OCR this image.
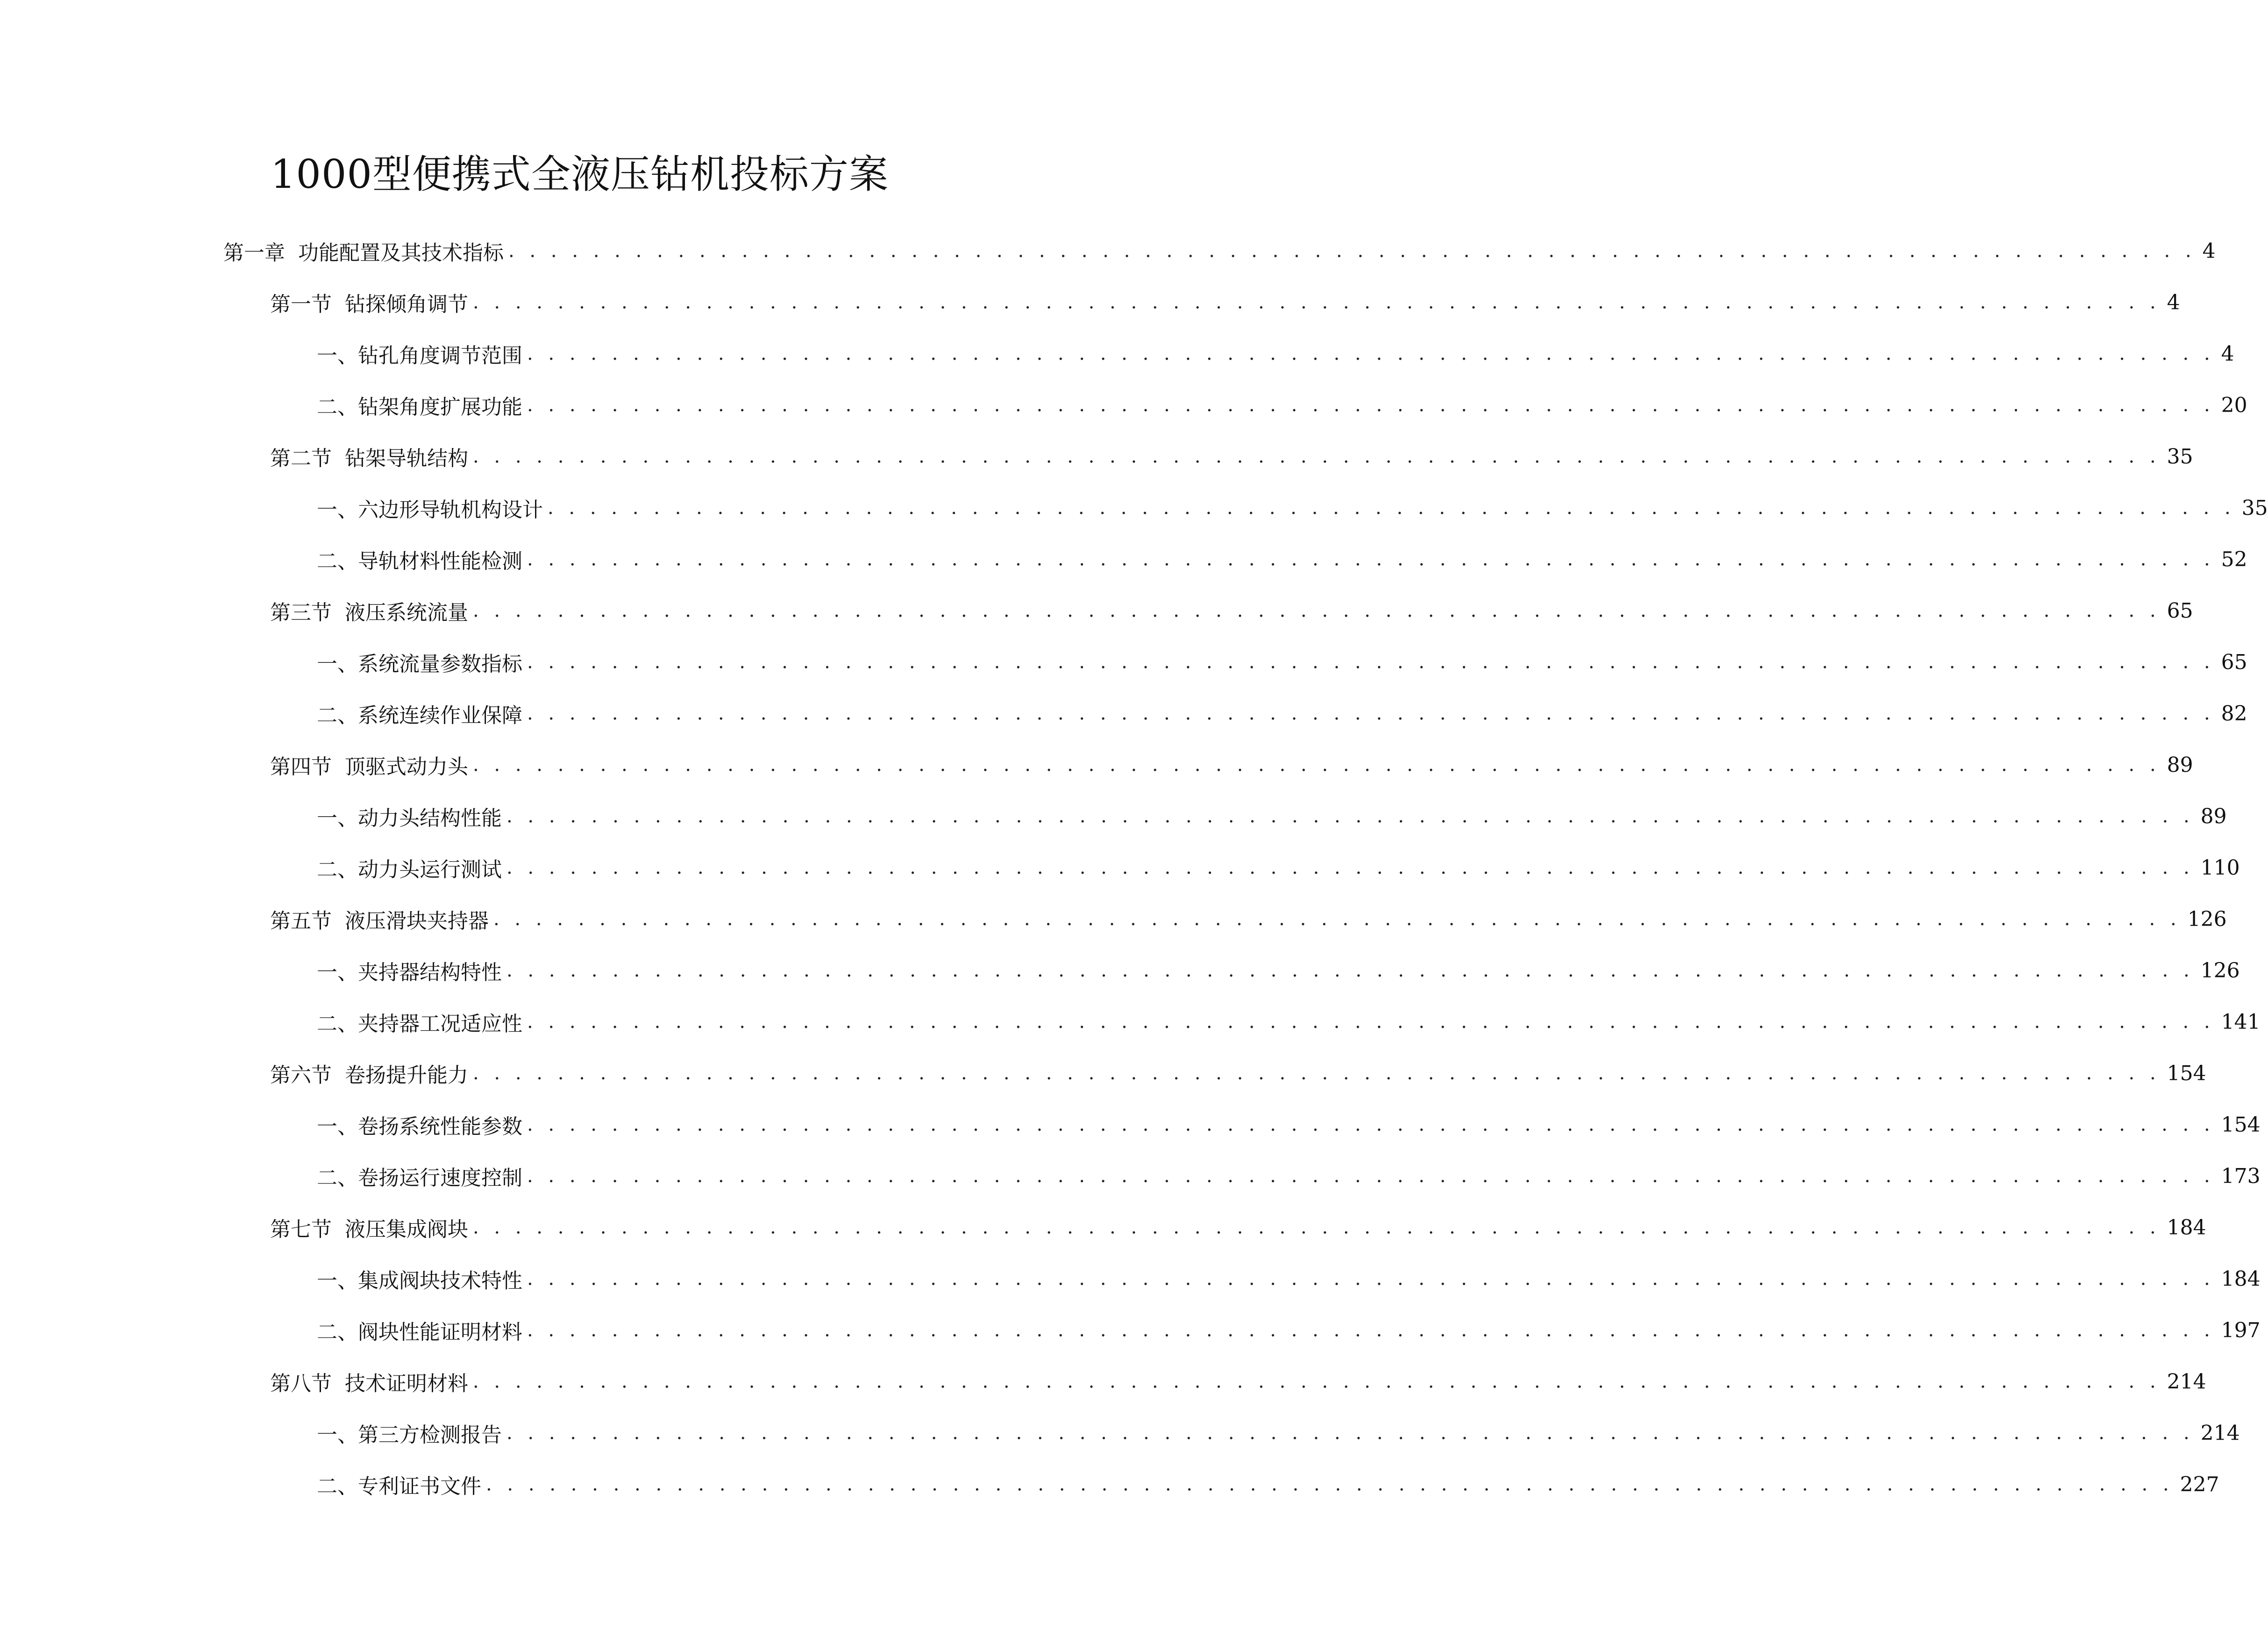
1000型便携式全液压钻机投标方案
第一章 功能配置及其技术指标 . . . . . . . . . . . . . . . . . . . . . . . . . . . . . . . . . . . . . . . . . . . . . . . . . . . . . . . . . . . . . . . . . . . . . . . . . . . . . . . . 4
第一节 钻探倾角调节 . . . . . . . . . . . . . . . . . . . . . . . . . . . . . . . . . . . . . . . . . . . . . . . . . . . . . . . . . . . . . . . . . . . . . . . . . . . . . . . . 4
一、 钻孔角度调节范围 . . . . . . . . . . . . . . . . . . . . . . . . . . . . . . . . . . . . . . . . . . . . . . . . . . . . . . . . . . . . . . . . . . . . . . . . . . . . . . . . 4
二、 钻架角度扩展功能 . . . . . . . . . . . . . . . . . . . . . . . . . . . . . . . . . . . . . . . . . . . . . . . . . . . . . . . . . . . . . . . . . . . . . . . . . . . . . . . . 20
第二节 钻架导轨结构 . . . . . . . . . . . . . . . . . . . . . . . . . . . . . . . . . . . . . . . . . . . . . . . . . . . . . . . . . . . . . . . . . . . . . . . . . . . . . . . . 35
一、 六边形导轨机构设计 . . . . . . . . . . . . . . . . . . . . . . . . . . . . . . . . . . . . . . . . . . . . . . . . . . . . . . . . . . . . . . . . . . . . . . . . . . . . . . . . 35
二、 导轨材料性能检测 . . . . . . . . . . . . . . . . . . . . . . . . . . . . . . . . . . . . . . . . . . . . . . . . . . . . . . . . . . . . . . . . . . . . . . . . . . . . . . . . 52
第三节 液压系统流量 . . . . . . . . . . . . . . . . . . . . . . . . . . . . . . . . . . . . . . . . . . . . . . . . . . . . . . . . . . . . . . . . . . . . . . . . . . . . . . . . 65
一、 系统流量参数指标 . . . . . . . . . . . . . . . . . . . . . . . . . . . . . . . . . . . . . . . . . . . . . . . . . . . . . . . . . . . . . . . . . . . . . . . . . . . . . . . . 65
二、 系统连续作业保障 . . . . . . . . . . . . . . . . . . . . . . . . . . . . . . . . . . . . . . . . . . . . . . . . . . . . . . . . . . . . . . . . . . . . . . . . . . . . . . . . 82
第四节 顶驱式动力头 . . . . . . . . . . . . . . . . . . . . . . . . . . . . . . . . . . . . . . . . . . . . . . . . . . . . . . . . . . . . . . . . . . . . . . . . . . . . . . . . 89
一、 动力头结构性能 . . . . . . . . . . . . . . . . . . . . . . . . . . . . . . . . . . . . . . . . . . . . . . . . . . . . . . . . . . . . . . . . . . . . . . . . . . . . . . . . 89
二、 动力头运行测试 . . . . . . . . . . . . . . . . . . . . . . . . . . . . . . . . . . . . . . . . . . . . . . . . . . . . . . . . . . . . . . . . . . . . . . . . . . . . . . . . 110
第五节 液压滑块夹持器 . . . . . . . . . . . . . . . . . . . . . . . . . . . . . . . . . . . . . . . . . . . . . . . . . . . . . . . . . . . . . . . . . . . . . . . . . . . . . . . . 126
一、 夹持器结构特性 . . . . . . . . . . . . . . . . . . . . . . . . . . . . . . . . . . . . . . . . . . . . . . . . . . . . . . . . . . . . . . . . . . . . . . . . . . . . . . . . 126
二、 夹持器工况适应性 . . . . . . . . . . . . . . . . . . . . . . . . . . . . . . . . . . . . . . . . . . . . . . . . . . . . . . . . . . . . . . . . . . . . . . . . . . . . . . . . 141
第六节 卷扬提升能力 . . . . . . . . . . . . . . . . . . . . . . . . . . . . . . . . . . . . . . . . . . . . . . . . . . . . . . . . . . . . . . . . . . . . . . . . . . . . . . . . 154
一、 卷扬系统性能参数 . . . . . . . . . . . . . . . . . . . . . . . . . . . . . . . . . . . . . . . . . . . . . . . . . . . . . . . . . . . . . . . . . . . . . . . . . . . . . . . . 154
二、 卷扬运行速度控制 . . . . . . . . . . . . . . . . . . . . . . . . . . . . . . . . . . . . . . . . . . . . . . . . . . . . . . . . . . . . . . . . . . . . . . . . . . . . . . . . 173
第七节 液压集成阀块 . . . . . . . . . . . . . . . . . . . . . . . . . . . . . . . . . . . . . . . . . . . . . . . . . . . . . . . . . . . . . . . . . . . . . . . . . . . . . . . . 184
一、 集成阀块技术特性 . . . . . . . . . . . . . . . . . . . . . . . . . . . . . . . . . . . . . . . . . . . . . . . . . . . . . . . . . . . . . . . . . . . . . . . . . . . . . . . . 184
二、 阀块性能证明材料 . . . . . . . . . . . . . . . . . . . . . . . . . . . . . . . . . . . . . . . . . . . . . . . . . . . . . . . . . . . . . . . . . . . . . . . . . . . . . . . . 197
第八节 技术证明材料 . . . . . . . . . . . . . . . . . . . . . . . . . . . . . . . . . . . . . . . . . . . . . . . . . . . . . . . . . . . . . . . . . . . . . . . . . . . . . . . . 214
一、 第三方检测报告 . . . . . . . . . . . . . . . . . . . . . . . . . . . . . . . . . . . . . . . . . . . . . . . . . . . . . . . . . . . . . . . . . . . . . . . . . . . . . . . . 214
二、 专利证书文件 . . . . . . . . . . . . . . . . . . . . . . . . . . . . . . . . . . . . . . . . . . . . . . . . . . . . . . . . . . . . . . . . . . . . . . . . . . . . . . . . 227
